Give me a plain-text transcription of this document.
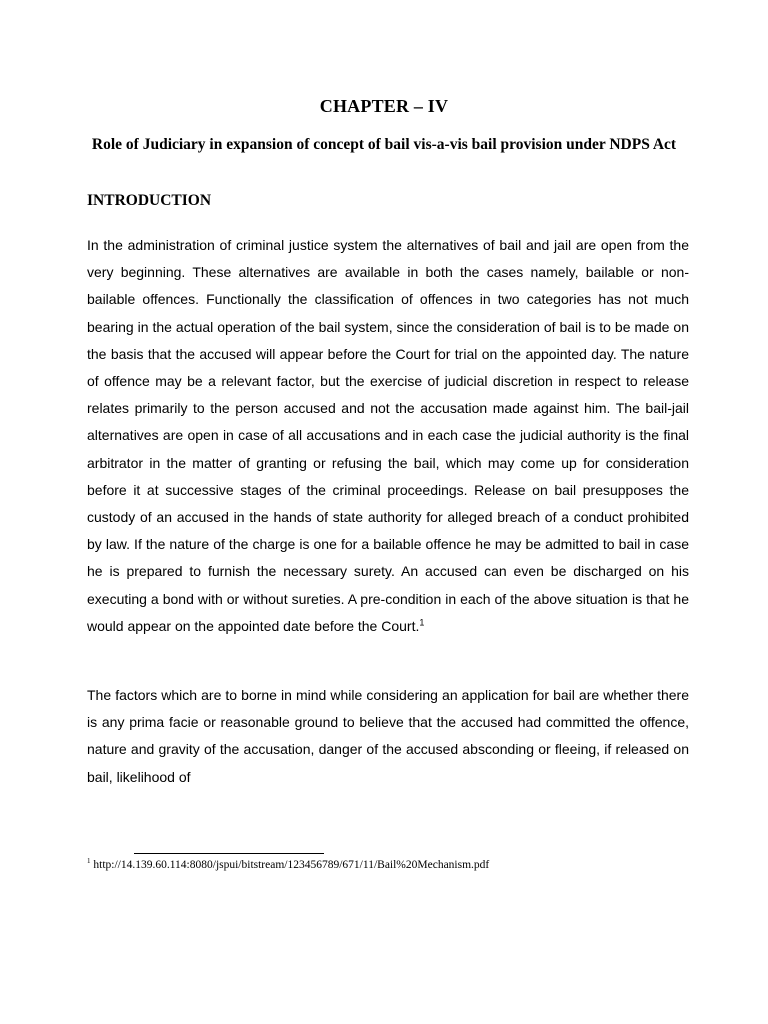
CHAPTER – IV
Role of Judiciary in expansion of concept of bail vis-a-vis bail provision under NDPS Act
INTRODUCTION

In the administration of criminal justice system the alternatives of bail and jail are open from the very beginning. These alternatives are available in both the cases namely, bailable or non-bailable offences. Functionally the classification of offences in two categories has not much bearing in the actual operation of the bail system, since the consideration of bail is to be made on the basis that the accused will appear before the Court for trial on the appointed day. The nature of offence may be a relevant factor, but the exercise of judicial discretion in respect to release relates primarily to the person accused and not the accusation made against him. The bail-jail alternatives are open in case of all accusations and in each case the judicial authority is the final arbitrator in the matter of granting or refusing the bail, which may come up for consideration before it at successive stages of the criminal proceedings. Release on bail presupposes the custody of an accused in the hands of state authority for alleged breach of a conduct prohibited by law. If the nature of the charge is one for a bailable offence he may be admitted to bail in case he is prepared to furnish the necessary surety. An accused can even be discharged on his executing a bond with or without sureties. A pre-condition in each of the above situation is that he would appear on the appointed date before the Court.$^1$

The factors which are to borne in mind while considering an application for bail are whether there is any prima facie or reasonable ground to believe that the accused had committed the offence, nature and gravity of the accusation, danger of the accused absconding or fleeing, if released on bail, likelihood of

$^1$ http://14.139.60.114:8080/jspui/bitstream/123456789/671/11/Bail%20Mechanism.pdf
